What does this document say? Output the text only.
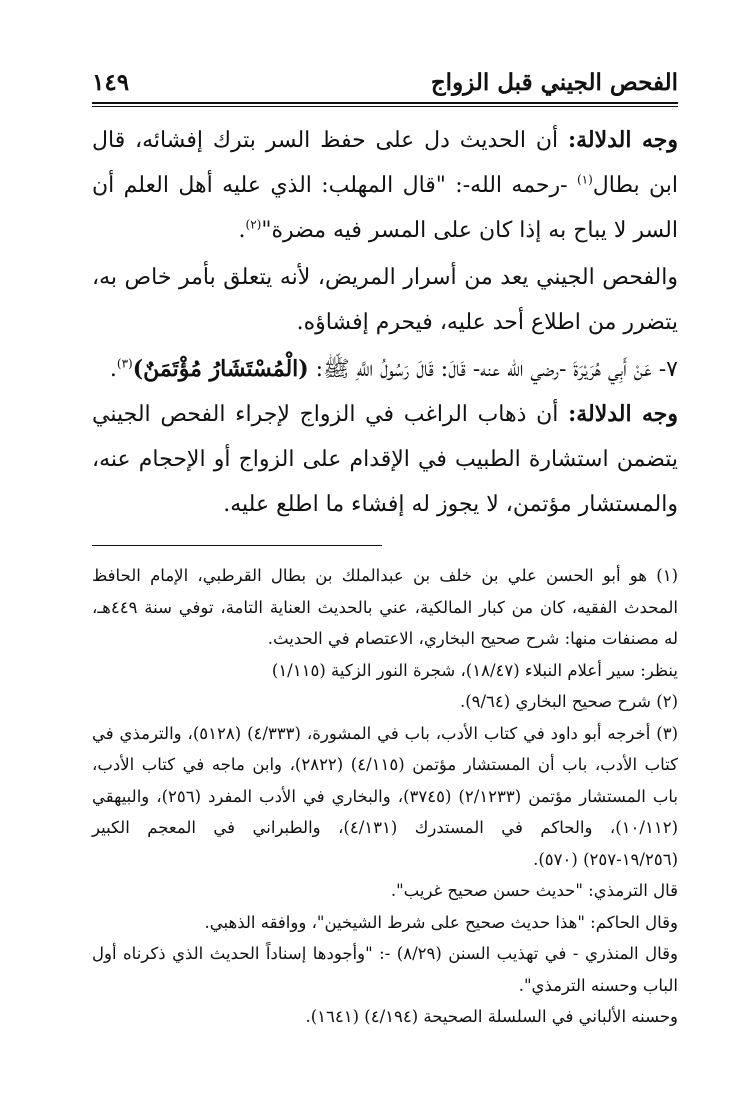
الفحص الجيني قبل الزواج
١٤٩

وجه الدلالة: أن الحديث دل على حفظ السر بترك إفشائه، قال ابن بطال$^{(١)}$ -رحمه الله-: "قال المهلب: الذي عليه أهل العلم أن السر لا يباح به إذا كان على المسر فيه مضرة"$^{(٢)}$.

والفحص الجيني يعد من أسرار المريض، لأنه يتعلق بأمر خاص به، يتضرر من اطلاع أحد عليه، فيحرم إفشاؤه.

٧- عَنْ أَبِي هُرَيْرَةَ -رضي الله عنه- قَالَ: قَالَ رَسُولُ اللَّهِ ﷺ: (الْمُسْتَشَارُ مُؤْتَمَنٌ)$^{(٣)}$.

وجه الدلالة: أن ذهاب الراغب في الزواج لإجراء الفحص الجيني يتضمن استشارة الطبيب في الإقدام على الزواج أو الإحجام عنه، والمستشار مؤتمن، لا يجوز له إفشاء ما اطلع عليه.

(١) هو أبو الحسن علي بن خلف بن عبدالملك بن بطال القرطبي، الإمام الحافظ المحدث الفقيه، كان من كبار المالكية، عني بالحديث العناية التامة، توفي سنة ٤٤٩هـ، له مصنفات منها: شرح صحيح البخاري، الاعتصام في الحديث.

ينظر: سير أعلام النبلاء (١٨/٤٧)، شجرة النور الزكية (١/١١٥)

(٢) شرح صحيح البخاري (٩/٦٤).

(٣) أخرجه أبو داود في كتاب الأدب، باب في المشورة، (٤/٣٣٣) (٥١٢٨)، والترمذي في كتاب الأدب، باب أن المستشار مؤتمن (٤/١١٥) (٢٨٢٢)، وابن ماجه في كتاب الأدب، باب المستشار مؤتمن (٢/١٢٣٣) (٣٧٤٥)، والبخاري في الأدب المفرد (٢٥٦)، والبيهقي (١٠/١١٢)، والحاكم في المستدرك (٤/١٣١)، والطبراني في المعجم الكبير (١٩/٢٥٦-٢٥٧) (٥٧٠).

قال الترمذي: "حديث حسن صحيح غريب".

وقال الحاكم: "هذا حديث صحيح على شرط الشيخين"، ووافقه الذهبي.

وقال المنذري - في تهذيب السنن (٨/٢٩) -: "وأجودها إسناداً الحديث الذي ذكرناه أول الباب وحسنه الترمذي".

وحسنه الألباني في السلسلة الصحيحة (٤/١٩٤) (١٦٤١).
